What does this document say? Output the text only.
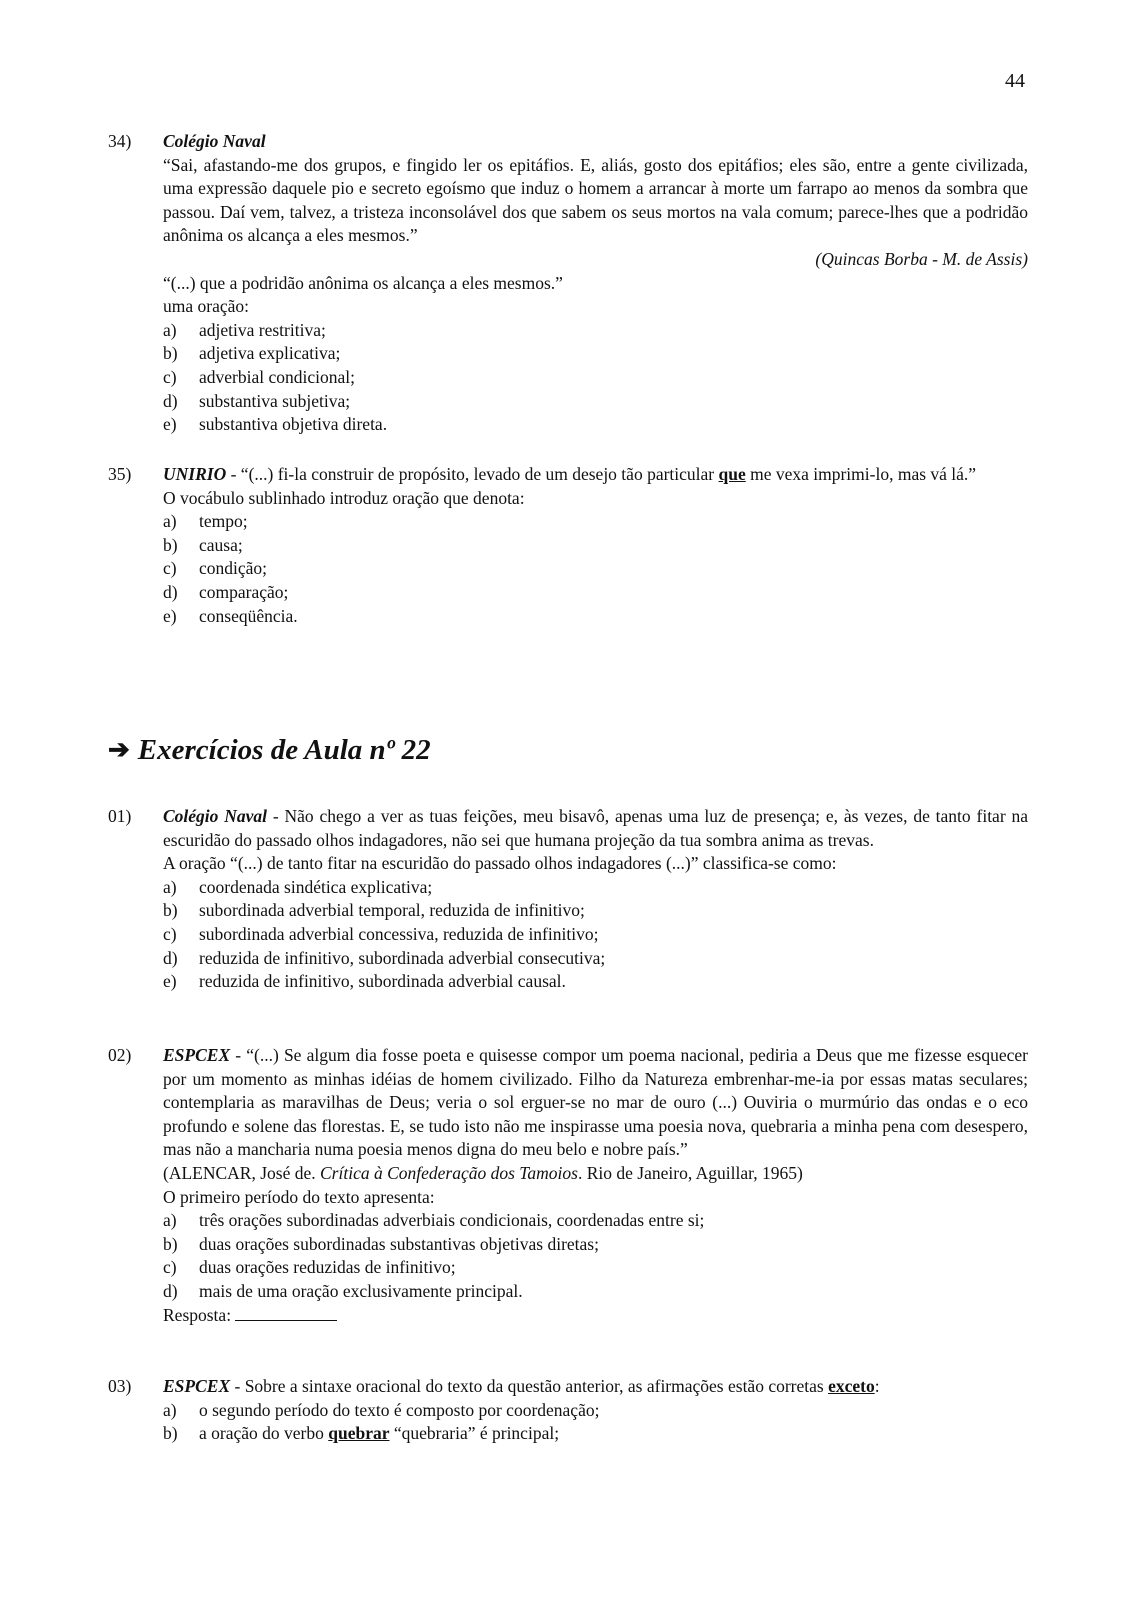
44
34)	Colégio Naval

“Sai, afastando-me dos grupos, e fingido ler os epitáfios. E, aliás, gosto dos epitáfios; eles são, entre a gente civilizada, uma expressão daquele pio e secreto egoísmo que induz o homem a arrancar à morte um farrapo ao menos da sombra que passou. Daí vem, talvez, a tristeza inconsolável dos que sabem os seus mortos na vala comum; parece-lhes que a podridão anônima os alcança a eles mesmos.”

(Quincas Borba - M. de Assis)

“(...) que a podridão anônima os alcança a eles mesmos.”

uma oração:

a)	adjetiva restritiva;
b)	adjetiva explicativa;
c)	adverbial condicional;
d)	substantiva subjetiva;
e)	substantiva objetiva direta.
35)	UNIRIO - “(...) fi-la construir de propósito, levado de um desejo tão particular que me vexa imprimi-lo, mas vá lá.”

O vocábulo sublinhado introduz oração que denota:

a)	tempo;
b)	causa;
c)	condição;
d)	comparação;
e)	conseqüência.
➔ Exercícios de Aula nº 22
01)	Colégio Naval - Não chego a ver as tuas feições, meu bisavô, apenas uma luz de presença; e, às vezes, de tanto fitar na escuridão do passado olhos indagadores, não sei que humana projeção da tua sombra anima as trevas.

A oração “(...) de tanto fitar na escuridão do passado olhos indagadores (...)” classifica-se como:

a)	coordenada sindética explicativa;
b)	subordinada adverbial temporal, reduzida de infinitivo;
c)	subordinada adverbial concessiva, reduzida de infinitivo;
d)	reduzida de infinitivo, subordinada adverbial consecutiva;
e)	reduzida de infinitivo, subordinada adverbial causal.
02)	ESPCEX - “(...) Se algum dia fosse poeta e quisesse compor um poema nacional, pediria a Deus que me fizesse esquecer por um momento as minhas idéias de homem civilizado. Filho da Natureza embrenhar-me-ia por essas matas seculares; contemplaria as maravilhas de Deus; veria o sol erguer-se no mar de ouro (...) Ouviria o murmúrio das ondas e o eco profundo e solene das florestas. E, se tudo isto não me inspirasse uma poesia nova, quebraria a minha pena com desespero, mas não a mancharia numa poesia menos digna do meu belo e nobre país.”

(ALENCAR, José de. Crítica à Confederação dos Tamoios. Rio de Janeiro, Aguillar, 1965)

O primeiro período do texto apresenta:

a)	três orações subordinadas adverbiais condicionais, coordenadas entre si;
b)	duas orações subordinadas substantivas objetivas diretas;
c)	duas orações reduzidas de infinitivo;
d)	mais de uma oração exclusivamente principal.

Resposta:

03)	ESPCEX - Sobre a sintaxe oracional do texto da questão anterior, as afirmações estão corretas exceto:

a)	o segundo período do texto é composto por coordenação;
b)	a oração do verbo quebrar “quebraria” é principal;
